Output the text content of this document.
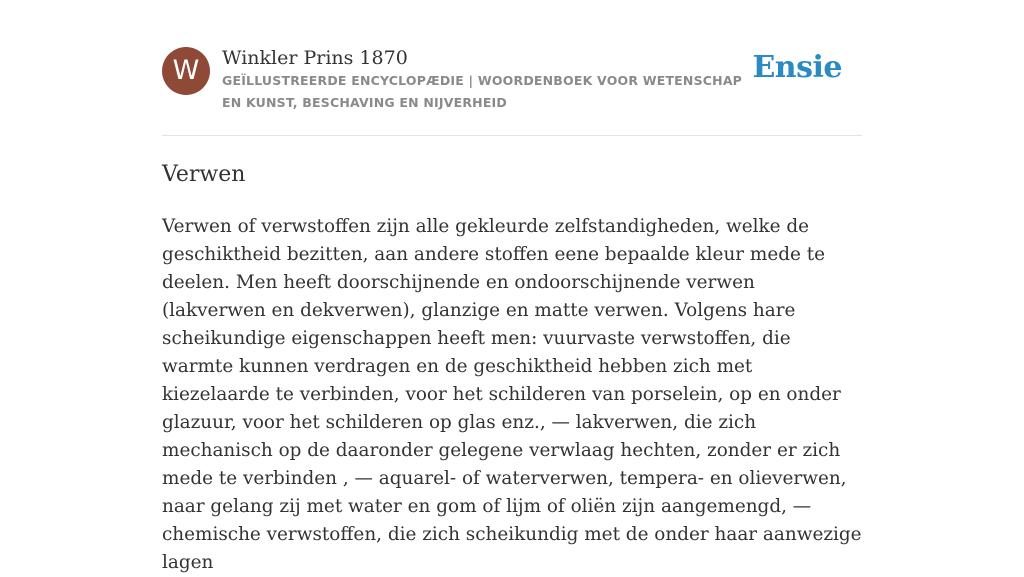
W	Winkler Prins 1870
GEÏLLUSTREERDE ENCYCLOPÆDIE | WOORDENBOEK VOOR WETENSCHAP EN KUNST, BESCHAVING EN NIJVERHEID
Ensie
Verwen
Verwen of verwstoffen zijn alle gekleurde zelfstandigheden, welke de geschiktheid bezitten, aan andere stoffen eene bepaalde kleur mede te deelen. Men heeft doorschijnende en ondoorschijnende verwen (lakverwen en dekverwen), glanzige en matte verwen. Volgens hare scheikundige eigenschappen heeft men: vuurvaste verwstoffen, die warmte kunnen verdragen en de geschiktheid hebben zich met kiezelaarde te verbinden, voor het schilderen van porselein, op en onder glazuur, voor het schilderen op glas enz., — lakverwen, die zich mechanisch op de daaronder gelegene verwlaag hechten, zonder er zich mede te verbinden , — aquarel- of waterverwen, tempera- en olieverwen, naar gelang zij met water en gom of lijm of oliën zijn aangemengd, — chemische verwstoffen, die zich scheikundig met de onder haar aanwezige lagen
